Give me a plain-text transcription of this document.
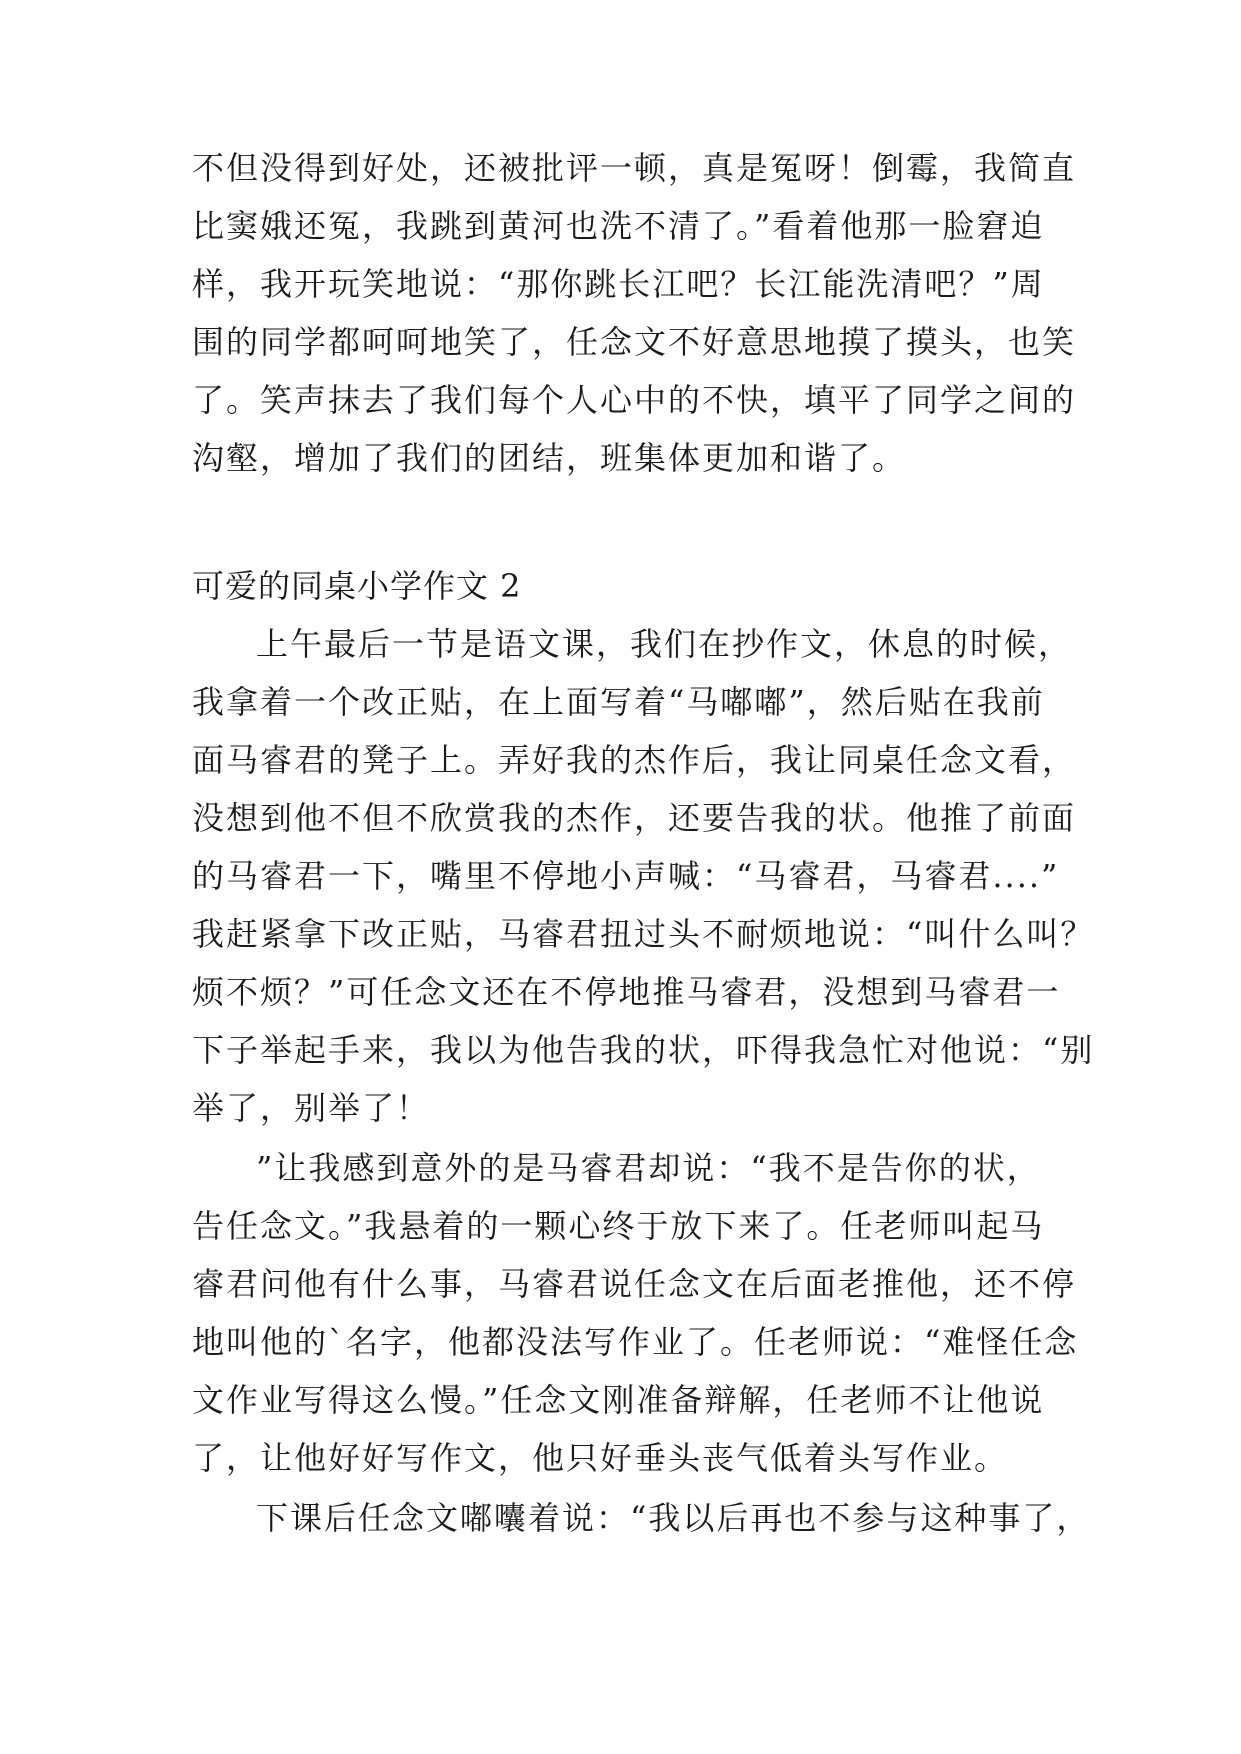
不但没得到好处，还被批评一顿，真是冤呀！倒霉，我简直

比窦娥还冤，我跳到黄河也洗不清了。”看着他那一脸窘迫

样，我开玩笑地说：“那你跳长江吧？长江能洗清吧？”周

围的同学都呵呵地笑了，任念文不好意思地摸了摸头，也笑

了。笑声抹去了我们每个人心中的不快，填平了同学之间的

沟壑，增加了我们的团结，班集体更加和谐了。

可爱的同桌小学作文 2

上午最后一节是语文课，我们在抄作文，休息的时候，

我拿着一个改正贴，在上面写着“马嘟嘟”，然后贴在我前

面马睿君的凳子上。弄好我的杰作后，我让同桌任念文看，

没想到他不但不欣赏我的杰作，还要告我的状。他推了前面

的马睿君一下，嘴里不停地小声喊：“马睿君，马睿君....”

我赶紧拿下改正贴，马睿君扭过头不耐烦地说：“叫什么叫？

烦不烦？”可任念文还在不停地推马睿君，没想到马睿君一

下子举起手来，我以为他告我的状，吓得我急忙对他说：“别

举了，别举了！

”让我感到意外的是马睿君却说：“我不是告你的状，

告任念文。”我悬着的一颗心终于放下来了。任老师叫起马

睿君问他有什么事，马睿君说任念文在后面老推他，还不停

地叫他的`名字，他都没法写作业了。任老师说：“难怪任念

文作业写得这么慢。”任念文刚准备辩解，任老师不让他说

了，让他好好写作文，他只好垂头丧气低着头写作业。

下课后任念文嘟囔着说：“我以后再也不参与这种事了，
